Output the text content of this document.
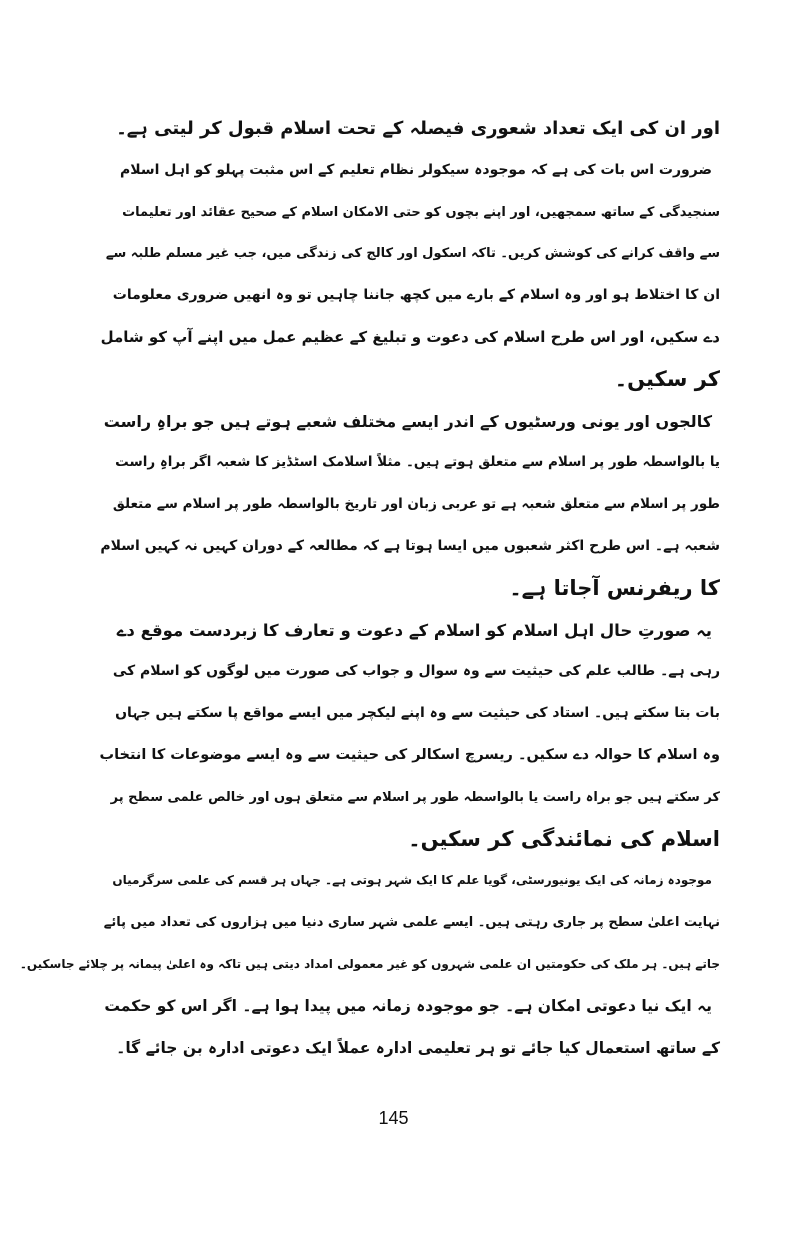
اور ان کی ایک تعداد شعوری فیصلہ کے تحت اسلام قبول کر لیتی ہے۔
ضرورت اس بات کی ہے کہ موجودہ سیکولر نظام تعلیم کے اس مثبت پہلو کو اہل اسلام
سنجیدگی کے ساتھ سمجھیں، اور اپنے بچوں کو حتی الامکان اسلام کے صحیح عقائد اور تعلیمات
سے واقف کرانے کی کوشش کریں۔ تاکہ اسکول اور کالج کی زندگی میں، جب غیر مسلم طلبہ سے
ان کا اختلاط ہو اور وہ اسلام کے بارے میں کچھ جاننا چاہیں تو وہ انھیں ضروری معلومات
دے سکیں، اور اس طرح اسلام کی دعوت و تبلیغ کے عظیم عمل میں اپنے آپ کو شامل
کر سکیں۔
کالجوں اور یونی ورسٹیوں کے اندر ایسے مختلف شعبے ہوتے ہیں جو براہِ راست
یا بالواسطہ طور پر اسلام سے متعلق ہوتے ہیں۔ مثلاً اسلامک اسٹڈیز کا شعبہ اگر براہِ راست
طور پر اسلام سے متعلق شعبہ ہے تو عربی زبان اور تاریخ بالواسطہ طور پر اسلام سے متعلق
شعبہ ہے۔ اس طرح اکثر شعبوں میں ایسا ہوتا ہے کہ مطالعہ کے دوران کہیں نہ کہیں اسلام
کا ریفرنس آجاتا ہے۔
یہ صورتِ حال اہل اسلام کو اسلام کے دعوت و تعارف کا زبردست موقع دے
رہی ہے۔ طالب علم کی حیثیت سے وہ سوال و جواب کی صورت میں لوگوں کو اسلام کی
بات بتا سکتے ہیں۔ استاد کی حیثیت سے وہ اپنے لیکچر میں ایسے مواقع پا سکتے ہیں جہاں
وہ اسلام کا حوالہ دے سکیں۔ ریسرچ اسکالر کی حیثیت سے وہ ایسے موضوعات کا انتخاب
کر سکتے ہیں جو براہ راست یا بالواسطہ طور پر اسلام سے متعلق ہوں اور خالص علمی سطح پر
اسلام کی نمائندگی کر سکیں۔
موجودہ زمانہ کی ایک یونیورسٹی، گویا علم کا ایک شہر ہوتی ہے۔ جہاں ہر قسم کی علمی سرگرمیاں
نہایت اعلیٰ سطح پر جاری رہتی ہیں۔ ایسے علمی شہر ساری دنیا میں ہزاروں کی تعداد میں پائے
جاتے ہیں۔ ہر ملک کی حکومتیں ان علمی شہروں کو غیر معمولی امداد دیتی ہیں تاکہ وہ اعلیٰ پیمانہ پر چلائے جاسکیں۔
یہ ایک نیا دعوتی امکان ہے۔ جو موجودہ زمانہ میں پیدا ہوا ہے۔ اگر اس کو حکمت
کے ساتھ استعمال کیا جائے تو ہر تعلیمی ادارہ عملاً ایک دعوتی ادارہ بن جائے گا۔
145
